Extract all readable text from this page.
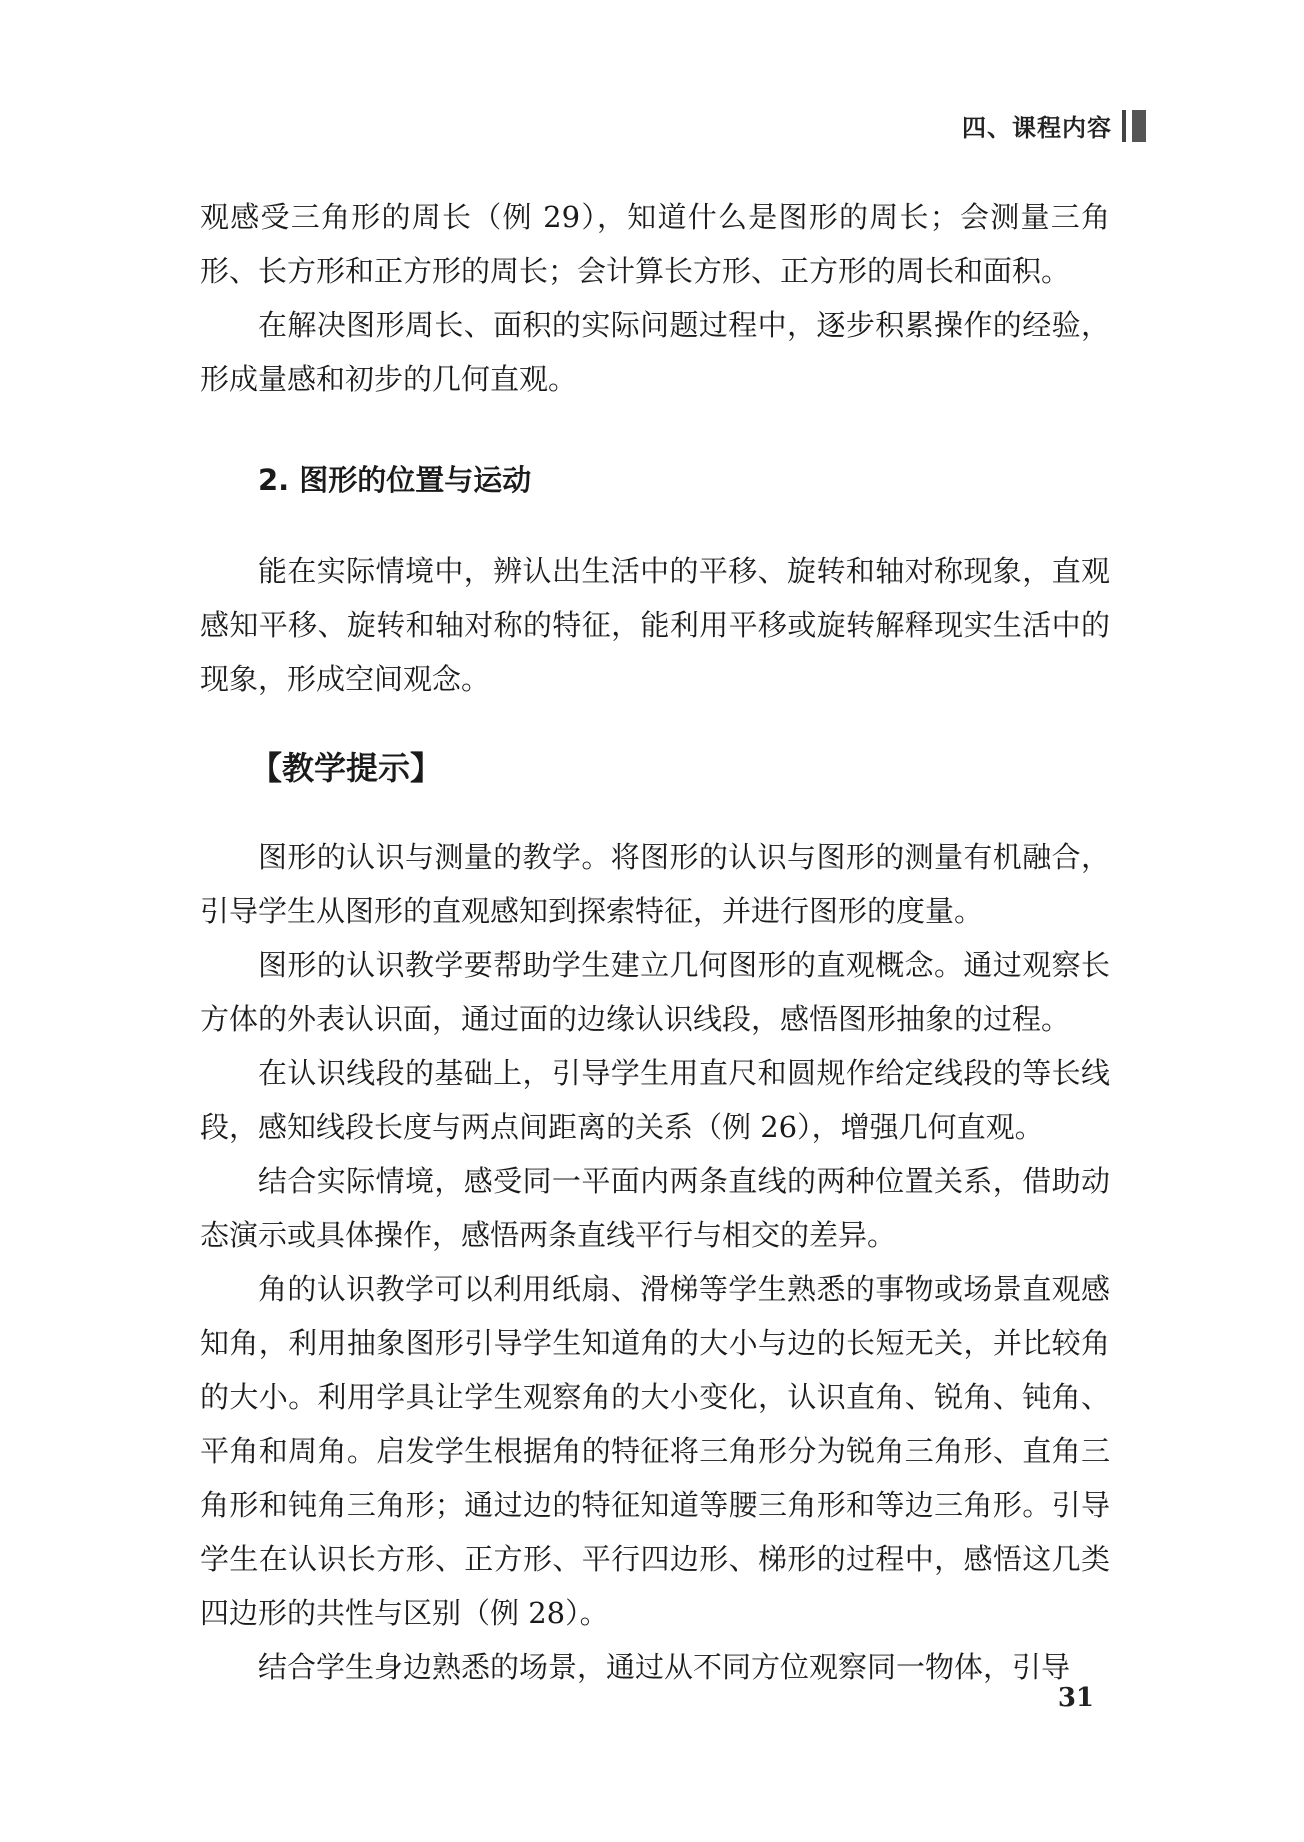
四、课程内容

观感受三角形的周长（例 29），知道什么是图形的周长；会测量三角形、长方形和正方形的周长；会计算长方形、正方形的周长和面积。

在解决图形周长、面积的实际问题过程中，逐步积累操作的经验，形成量感和初步的几何直观。

2. 图形的位置与运动

能在实际情境中，辨认出生活中的平移、旋转和轴对称现象，直观感知平移、旋转和轴对称的特征，能利用平移或旋转解释现实生活中的现象，形成空间观念。

【教学提示】

图形的认识与测量的教学。将图形的认识与图形的测量有机融合，引导学生从图形的直观感知到探索特征，并进行图形的度量。

图形的认识教学要帮助学生建立几何图形的直观概念。通过观察长方体的外表认识面，通过面的边缘认识线段，感悟图形抽象的过程。

在认识线段的基础上，引导学生用直尺和圆规作给定线段的等长线段，感知线段长度与两点间距离的关系（例 26），增强几何直观。

结合实际情境，感受同一平面内两条直线的两种位置关系，借助动态演示或具体操作，感悟两条直线平行与相交的差异。

角的认识教学可以利用纸扇、滑梯等学生熟悉的事物或场景直观感知角，利用抽象图形引导学生知道角的大小与边的长短无关，并比较角的大小。利用学具让学生观察角的大小变化，认识直角、锐角、钝角、平角和周角。启发学生根据角的特征将三角形分为锐角三角形、直角三角形和钝角三角形；通过边的特征知道等腰三角形和等边三角形。引导学生在认识长方形、正方形、平行四边形、梯形的过程中，感悟这几类四边形的共性与区别（例 28）。

结合学生身边熟悉的场景，通过从不同方位观察同一物体，引导

31
